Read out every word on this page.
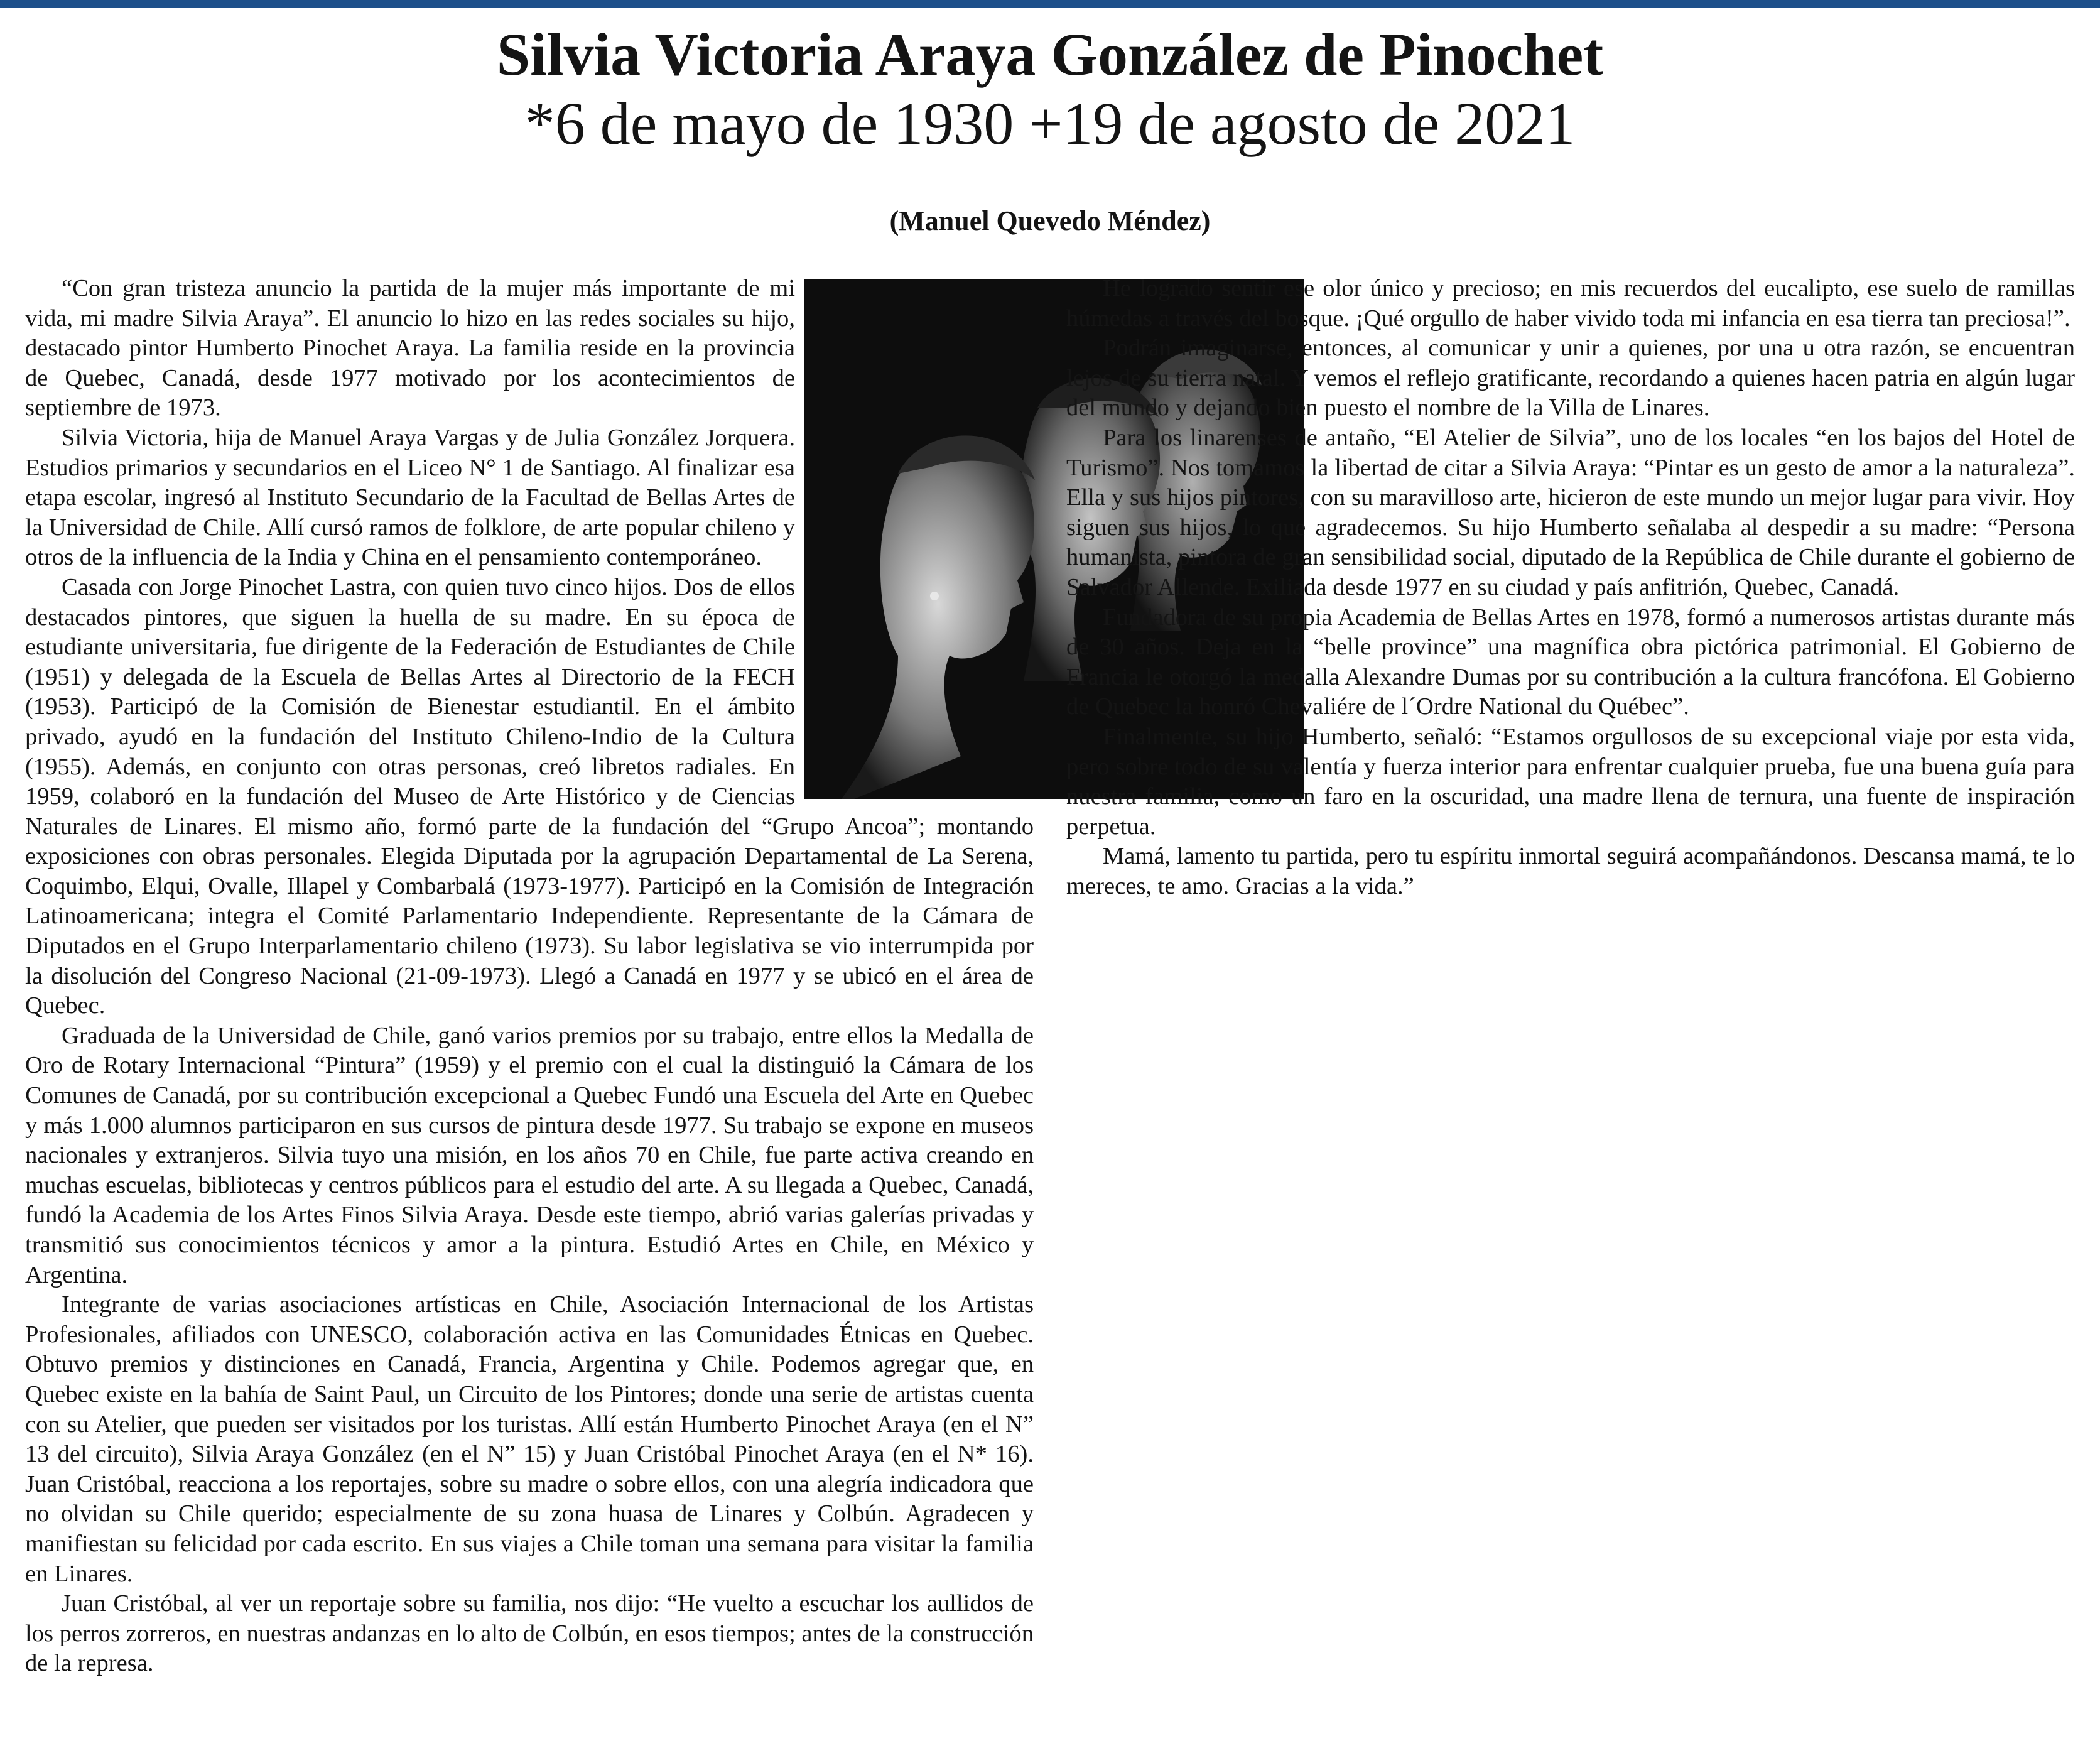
Silvia Victoria Araya González de Pinochet
*6 de mayo de 1930 +19 de agosto de 2021
(Manuel Quevedo Méndez)

“Con gran tristeza anuncio la partida de la mujer más importante de mi vida, mi madre Silvia Araya”. El anuncio lo hizo en las redes sociales su hijo, destacado pintor Humberto Pinochet Araya. La familia reside en la provincia de Quebec, Canadá, desde 1977 motivado por los acontecimientos de septiembre de 1973.

Silvia Victoria, hija de Manuel Araya Vargas y de Julia González Jorquera. Estudios primarios y secundarios en el Liceo N° 1 de Santiago. Al finalizar esa etapa escolar, ingresó al Instituto Secundario de la Facultad de Bellas Artes de la Universidad de Chile. Allí cursó ramos de folklore, de arte popular chileno y otros de la influencia de la India y China en el pensamiento contemporáneo.

Casada con Jorge Pinochet Lastra, con quien tuvo cinco hijos. Dos de ellos destacados pintores, que siguen la huella de su madre. En su época de estudiante universitaria, fue dirigente de la Federación de Estudiantes de Chile (1951) y delegada de la Escuela de Bellas Artes al Directorio de la FECH (1953). Participó de la Comisión de Bienestar estudiantil. En el ámbito privado, ayudó en la fundación del Instituto Chileno-Indio de la Cultura (1955). Además, en conjunto con otras personas, creó libretos radiales. En 1959, colaboró en la fundación del Museo de Arte Histórico y de Ciencias Naturales de Linares. El mismo año, formó parte de la fundación del “Grupo Ancoa”; montando exposiciones con obras personales. Elegida Diputada por la agrupación Departamental de La Serena, Coquimbo, Elqui, Ovalle, Illapel y Combarbalá (1973-1977). Participó en la Comisión de Integración Latinoamericana; integra el Comité Parlamentario Independiente. Representante de la Cámara de Diputados en el Grupo Interparlamentario chileno (1973). Su labor legislativa se vio interrumpida por la disolución del Congreso Nacional (21-09-1973). Llegó a Canadá en 1977 y se ubicó en el área de Quebec.

Graduada de la Universidad de Chile, ganó varios premios por su trabajo, entre ellos la Medalla de Oro de Rotary Internacional “Pintura” (1959) y el premio con el cual la distinguió la Cámara de los Comunes de Canadá, por su contribución excepcional a Quebec Fundó una Escuela del Arte en Quebec y más 1.000 alumnos participaron en sus cursos de pintura desde 1977. Su trabajo se expone en museos nacionales y extranjeros. Silvia tuyo una misión, en los años 70 en Chile, fue parte activa creando en muchas escuelas, bibliotecas y centros públicos para el estudio del arte. A su llegada a Quebec, Canadá, fundó la Academia de los Artes Finos Silvia Araya. Desde este tiempo, abrió varias galerías privadas y transmitió sus conocimientos técnicos y amor a la pintura. Estudió Artes en Chile, en México y Argentina.

Integrante de varias asociaciones artísticas en Chile, Asociación Internacional de los Artistas Profesionales, afiliados con UNESCO, colaboración activa en las Comunidades Étnicas en Quebec. Obtuvo premios y distinciones en Canadá, Francia, Argentina y Chile. Podemos agregar que, en Quebec existe en la bahía de Saint Paul, un Circuito de los Pintores; donde una serie de artistas cuenta con su Atelier, que pueden ser visitados por los turistas. Allí están Humberto Pinochet Araya (en el N” 13 del circuito), Silvia Araya González (en el N” 15) y Juan Cristóbal Pinochet Araya (en el N* 16). Juan Cristóbal, reacciona a los reportajes, sobre su madre o sobre ellos, con una alegría indicadora que no olvidan su Chile querido; especialmente de su zona huasa de Linares y Colbún. Agradecen y manifiestan su felicidad por cada escrito. En sus viajes a Chile toman una semana para visitar la familia en Linares.

Juan Cristóbal, al ver un reportaje sobre su familia, nos dijo: “He vuelto a escuchar los aullidos de los perros zorreros, en nuestras andanzas en lo alto de Colbún, en esos tiempos; antes de la construcción de la represa.

He logrado sentir ese olor único y precioso; en mis recuerdos del eucalipto, ese suelo de ramillas húmedas a través del bosque. ¡Qué orgullo de haber vivido toda mi infancia en esa tierra tan preciosa!”.

Podrán imaginarse, entonces, al comunicar y unir a quienes, por una u otra razón, se encuentran lejos de su tierra natal. Y vemos el reflejo gratificante, recordando a quienes hacen patria en algún lugar del mundo y dejando bien puesto el nombre de la Villa de Linares.

Para los linarenses de antaño, “El Atelier de Silvia”, uno de los locales “en los bajos del Hotel de Turismo”. Nos tomamos la libertad de citar a Silvia Araya: “Pintar es un gesto de amor a la naturaleza”. Ella y sus hijos pintores, con su maravilloso arte, hicieron de este mundo un mejor lugar para vivir. Hoy siguen sus hijos, lo que agradecemos. Su hijo Humberto señalaba al despedir a su madre: “Persona humanista, pintora de gran sensibilidad social, diputado de la República de Chile durante el gobierno de Salvador Allende. Exiliada desde 1977 en su ciudad y país anfitrión, Quebec, Canadá.

Fundadora de su propia Academia de Bellas Artes en 1978, formó a numerosos artistas durante más de 30 años. Deja en la “belle province” una magnífica obra pictórica patrimonial. El Gobierno de Francia le otorgó la medalla Alexandre Dumas por su contribución a la cultura francófona. El Gobierno de Quebec la honró Chevaliére de l´Ordre National du Québec”.

Finalmente, su hijo Humberto, señaló: “Estamos orgullosos de su excepcional viaje por esta vida, pero sobre todo de su valentía y fuerza interior para enfrentar cualquier prueba, fue una buena guía para nuestra familia, como un faro en la oscuridad, una madre llena de ternura, una fuente de inspiración perpetua.

Mamá, lamento tu partida, pero tu espíritu inmortal seguirá acompañándonos. Descansa mamá, te lo mereces, te amo. Gracias a la vida.”
